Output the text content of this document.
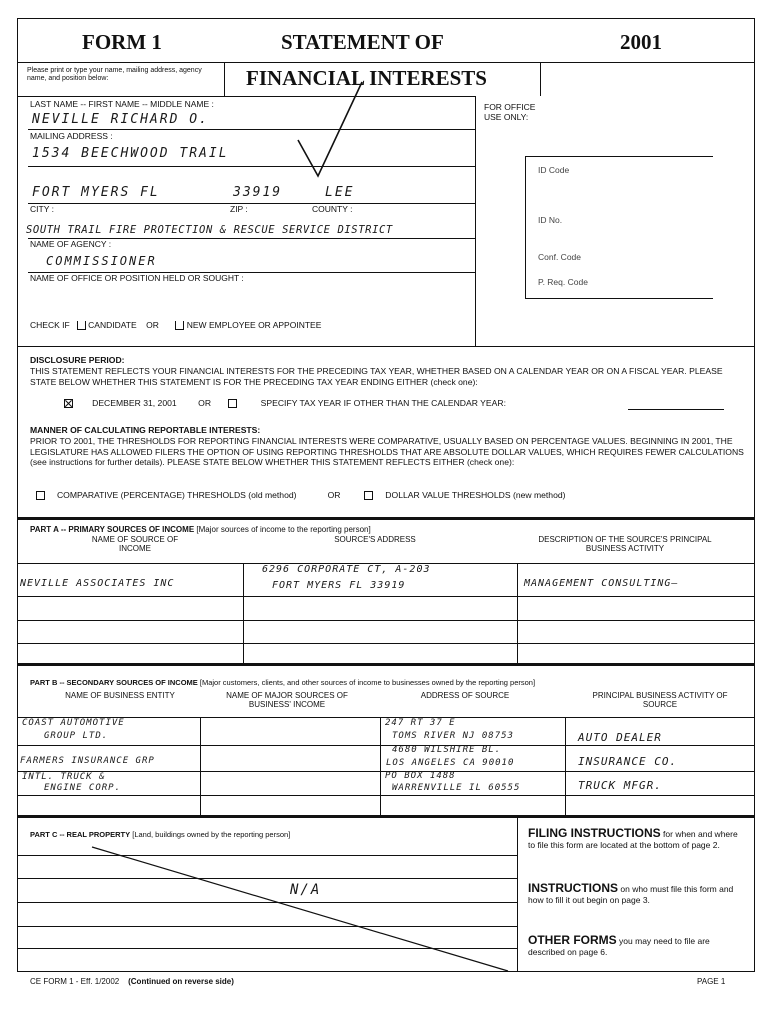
FORM 1	STATEMENT OF	2001
Please print or type your name, mailing address, agency name, and position below:	FINANCIAL INTERESTS
LAST NAME -- FIRST NAME -- MIDDLE NAME :
NEVILLE RICHARD O.
MAILING ADDRESS :
1534 BEECHWOOD TRAIL
FORT MYERS FL	33919	LEE
CITY :	ZIP :	COUNTY :
SOUTH TRAIL FIRE PROTECTION & RESCUE SERVICE DISTRICT
NAME OF AGENCY :
COMMISSIONER
NAME OF OFFICE OR POSITION HELD OR SOUGHT :
CHECK IF CANDIDATE OR	NEW EMPLOYEE OR APPOINTEE
FOR OFFICE USE ONLY:
ID Code
ID No.
Conf. Code
P. Req. Code
DISCLOSURE PERIOD:
THIS STATEMENT REFLECTS YOUR FINANCIAL INTERESTS FOR THE PRECEDING TAX YEAR, WHETHER BASED ON A CALENDAR YEAR OR ON A FISCAL YEAR. PLEASE STATE BELOW WHETHER THIS STATEMENT IS FOR THE PRECEDING TAX YEAR ENDING EITHER (check one):
DECEMBER 31, 2001	OR	SPECIFY TAX YEAR IF OTHER THAN THE CALENDAR YEAR:
MANNER OF CALCULATING REPORTABLE INTERESTS:
PRIOR TO 2001, THE THRESHOLDS FOR REPORTING FINANCIAL INTERESTS WERE COMPARATIVE, USUALLY BASED ON PERCENTAGE VALUES. BEGINNING IN 2001, THE LEGISLATURE HAS ALLOWED FILERS THE OPTION OF USING REPORTING THRESHOLDS THAT ARE ABSOLUTE DOLLAR VALUES, WHICH REQUIRES FEWER CALCULATIONS (see instructions for further details). PLEASE STATE BELOW WHETHER THIS STATEMENT REFLECTS EITHER (check one):
COMPARATIVE (PERCENTAGE) THRESHOLDS (old method)	OR	DOLLAR VALUE THRESHOLDS (new method)
PART A -- PRIMARY SOURCES OF INCOME [Major sources of income to the reporting person]
NAME OF SOURCE OF INCOME
SOURCE'S ADDRESS	DESCRIPTION OF THE SOURCE'S PRINCIPAL BUSINESS ACTIVITY
NEVILLE ASSOCIATES INC
6296 CORPORATE CT, A-203
FORT MYERS FL 33919	MANAGEMENT CONSULTING—
PART B -- SECONDARY SOURCES OF INCOME [Major customers, clients, and other sources of income to businesses owned by the reporting person]
NAME OF BUSINESS ENTITY	NAME OF MAJOR SOURCES OF BUSINESS' INCOME
ADDRESS OF SOURCE	PRINCIPAL BUSINESS ACTIVITY OF SOURCE
COAST AUTOMOTIVE
GROUP LTD.
247 RT 37 E
TOMS RIVER NJ 08753	AUTO DEALER
FARMERS INSURANCE GRP
4680 WILSHIRE BL.
LOS ANGELES CA 90010	INSURANCE CO.
INTL. TRUCK &
ENGINE CORP.
PO BOX 1488
WARRENVILLE IL 60555	TRUCK MFGR.
PART C -- REAL PROPERTY [Land, buildings owned by the reporting person]
N/A
FILING INSTRUCTIONS for when and where to file this form are located at the bottom of page 2.
INSTRUCTIONS on who must file this form and how to fill it out begin on page 3.
OTHER FORMS you may need to file are described on page 6.
CE FORM 1 - Eff. 1/2002 (Continued on reverse side)	PAGE 1
